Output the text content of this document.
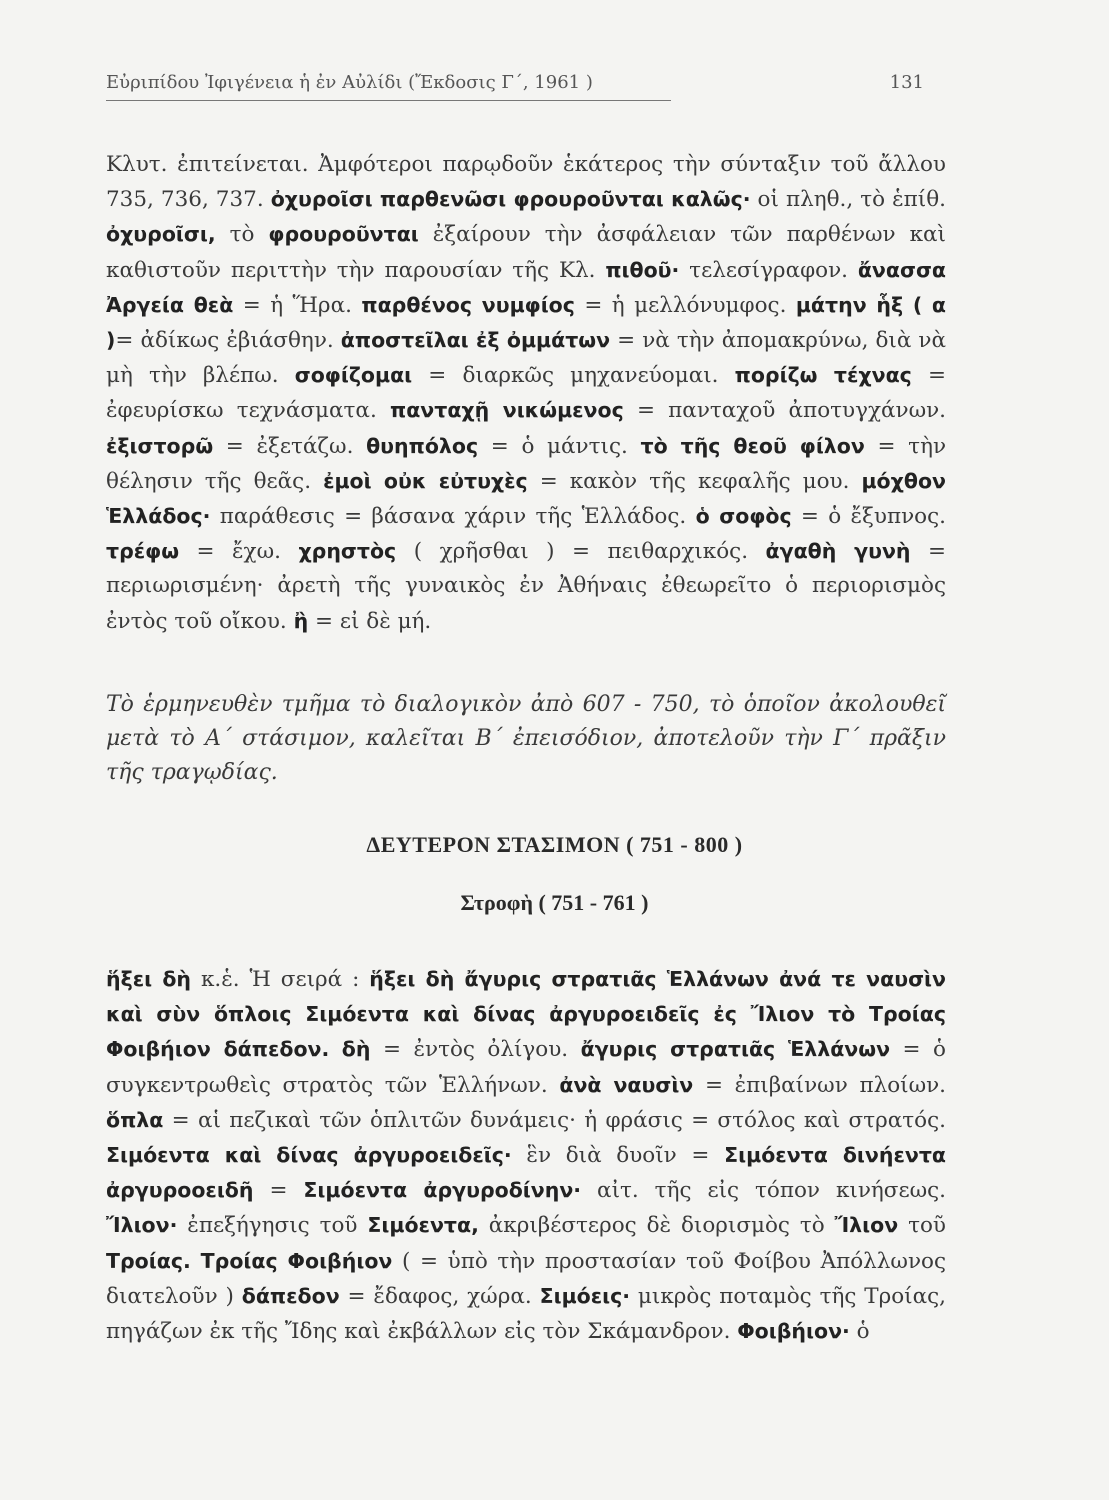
Εὐριπίδου Ἰφιγένεια ἡ ἐν Αὐλίδι (Ἔκδοσις Γ΄, 1961 )	131
Κλυτ. ἐπιτείνεται. Ἀμφότεροι παρῳδοῦν ἑκάτερος τὴν σύνταξιν τοῦ ἄλλου 735, 736, 737. ὀχυροῖσι παρθενῶσι φρουροῦνται καλῶς· οἱ πληθ., τὸ ἑπίθ. ὀχυροῖσι, τὸ φρουροῦνται ἐξαίρουν τὴν ἀσφάλειαν τῶν παρθένων καὶ καθιστοῦν περιττὴν τὴν παρουσίαν τῆς Κλ. πιθοῦ· τελεσίγραφον. ἄνασσα Ἀργεία θεὰ = ἡ Ἥρα. παρθένος νυμφίος = ἡ μελλόνυμφος. μάτην ἧξ ( α )= ἀδίκως ἐβιάσθην. ἀποστεῖλαι ἐξ ὀμμάτων = νὰ τὴν ἀπομακρύνω, διὰ νὰ μὴ τὴν βλέπω. σοφίζομαι = διαρκῶς μηχανεύομαι. πορίζω τέχνας = ἐφευρίσκω τεχνάσματα. πανταχῇ νικώμενος = πανταχοῦ ἀποτυγχάνων. ἐξιστορῶ = ἐξετάζω. θυηπόλος = ὁ μάντις. τὸ τῆς θεοῦ φίλον = τὴν θέλησιν τῆς θεᾶς. ἐμοὶ οὐκ εὐτυχὲς = κακὸν τῆς κεφαλῆς μου. μόχθον Ἑλλάδος· παράθεσις = βάσανα χάριν τῆς Ἑλλάδος. ὁ σοφὸς = ὁ ἔξυπνος. τρέφω = ἔχω. χρηστὸς ( χρῆσθαι ) = πειθαρχικός. ἀγαθὴ γυνὴ = περιωρισμένη· ἀρετὴ τῆς γυναικὸς ἐν Ἀθήναις ἐθεωρεῖτο ὁ περιορισμὸς ἐντὸς τοῦ οἴκου. ἢ = εἰ δὲ μή.
Τὸ ἑρμηνευθὲν τμῆμα τὸ διαλογικὸν ἀπὸ 607 - 750, τὸ ὁποῖον ἀκολουθεῖ μετὰ τὸ Α΄ στάσιμον, καλεῖται Β΄ ἐπεισόδιον, ἀποτελοῦν τὴν Γ΄ πρᾶξιν τῆς τραγῳδίας.
ΔΕΥΤΕΡΟΝ ΣΤΑΣΙΜΟΝ ( 751 - 800 )
Στροφὴ ( 751 - 761 )
ἥξει δὴ κ.ἑ. Ἡ σειρά : ἥξει δὴ ἄγυρις στρατιᾶς Ἑλλάνων ἀνά τε ναυσὶν καὶ σὺν ὅπλοις Σιμόεντα καὶ δίνας ἀργυροειδεῖς ἐς Ἴλιον τὸ Τροίας Φοιβήιον δάπεδον. δὴ = ἐντὸς ὀλίγου. ἄγυρις στρατιᾶς Ἑλλάνων = ὁ συγκεντρωθεὶς στρατὸς τῶν Ἑλλήνων. ἀνὰ ναυσὶν = ἐπιβαίνων πλοίων. ὅπλα = αἱ πεζικαὶ τῶν ὁπλιτῶν δυνάμεις· ἡ φράσις = στόλος καὶ στρατός. Σιμόεντα καὶ δίνας ἀργυροειδεῖς· ἓν διὰ δυοῖν = Σιμόεντα δινήεντα ἀργυροοειδῆ = Σιμόεντα ἀργυροδίνην· αἰτ. τῆς εἰς τόπον κινήσεως. Ἴλιον· ἐπεξήγησις τοῦ Σιμόεντα, ἀκριβέστερος δὲ διορισμὸς τὸ Ἴλιον τοῦ Τροίας. Τροίας Φοιβήιον ( = ὑπὸ τὴν προστασίαν τοῦ Φοίβου Ἀπόλλωνος διατελοῦν ) δάπεδον = ἔδαφος, χώρα. Σιμόεις· μικρὸς ποταμὸς τῆς Τροίας, πηγάζων ἐκ τῆς Ἴδης καὶ ἐκβάλλων εἰς τὸν Σκάμανδρον. Φοιβήιον· ὁ
